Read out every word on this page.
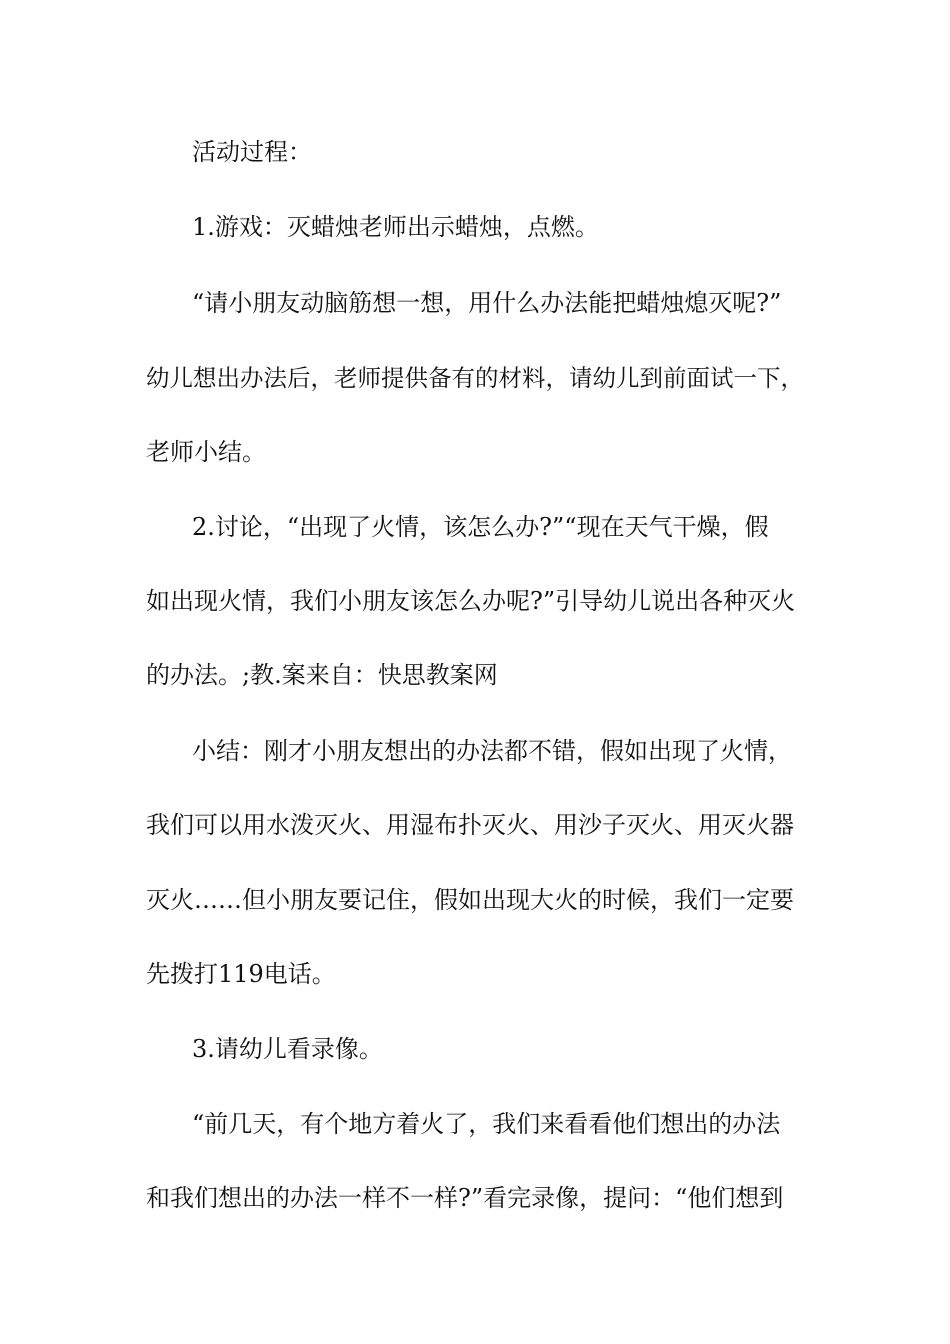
活动过程：
1.游戏：灭蜡烛老师出示蜡烛，点燃。
“请小朋友动脑筋想一想，用什么办法能把蜡烛熄灭呢?”
幼儿想出办法后，老师提供备有的材料，请幼儿到前面试一下，
老师小结。
2.讨论，“出现了火情，该怎么办?”“现在天气干燥，假
如出现火情，我们小朋友该怎么办呢?”引导幼儿说出各种灭火
的办法。;教.案来自：快思教案网
小结：刚才小朋友想出的办法都不错，假如出现了火情，
我们可以用水泼灭火、用湿布扑灭火、用沙子灭火、用灭火器
灭火……但小朋友要记住，假如出现大火的时候，我们一定要
先拨打119电话。
3.请幼儿看录像。
“前几天，有个地方着火了，我们来看看他们想出的办法
和我们想出的办法一样不一样?”看完录像，提问：“他们想到
